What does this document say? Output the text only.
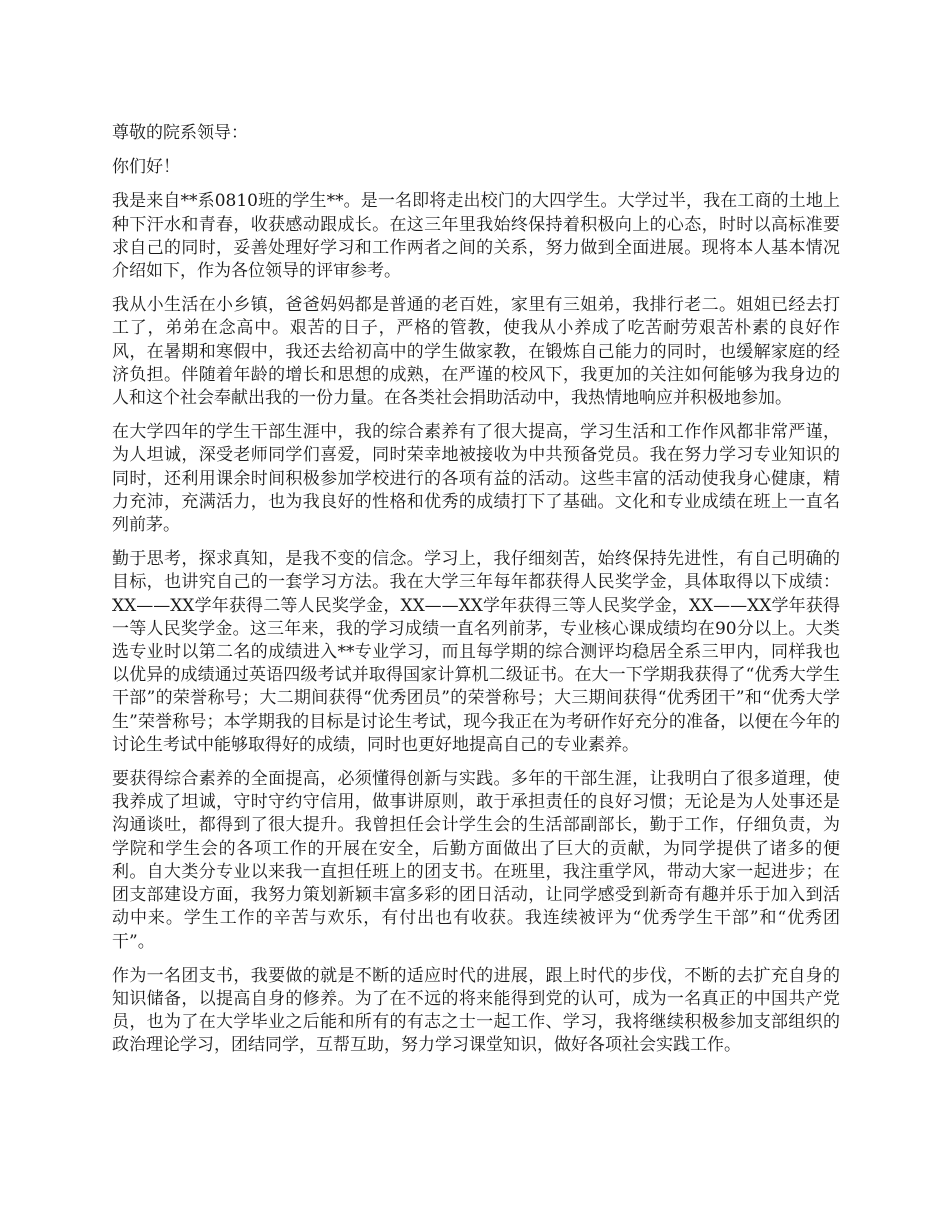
尊敬的院系领导：

你们好！

我是来自**系0810班的学生**。是一名即将走出校门的大四学生。大学过半，我在工商的土地上种下汗水和青春，收获感动跟成长。在这三年里我始终保持着积极向上的心态，时时以高标准要求自己的同时，妥善处理好学习和工作两者之间的关系，努力做到全面进展。现将本人基本情况介绍如下，作为各位领导的评审参考。

我从小生活在小乡镇，爸爸妈妈都是普通的老百姓，家里有三姐弟，我排行老二。姐姐已经去打工了，弟弟在念高中。艰苦的日子，严格的管教，使我从小养成了吃苦耐劳艰苦朴素的良好作风，在暑期和寒假中，我还去给初高中的学生做家教，在锻炼自己能力的同时，也缓解家庭的经济负担。伴随着年龄的增长和思想的成熟，在严谨的校风下，我更加的关注如何能够为我身边的人和这个社会奉献出我的一份力量。在各类社会捐助活动中，我热情地响应并积极地参加。

在大学四年的学生干部生涯中，我的综合素养有了很大提高，学习生活和工作作风都非常严谨，为人坦诚，深受老师同学们喜爱，同时荣幸地被接收为中共预备党员。我在努力学习专业知识的同时，还利用课余时间积极参加学校进行的各项有益的活动。这些丰富的活动使我身心健康，精力充沛，充满活力，也为我良好的性格和优秀的成绩打下了基础。文化和专业成绩在班上一直名列前茅。

勤于思考，探求真知，是我不变的信念。学习上，我仔细刻苦，始终保持先进性，有自己明确的目标，也讲究自己的一套学习方法。我在大学三年每年都获得人民奖学金，具体取得以下成绩：XX——XX学年获得二等人民奖学金，XX——XX学年获得三等人民奖学金，XX——XX学年获得一等人民奖学金。这三年来，我的学习成绩一直名列前茅，专业核心课成绩均在90分以上。大类选专业时以第二名的成绩进入**专业学习，而且每学期的综合测评均稳居全系三甲内，同样我也以优异的成绩通过英语四级考试并取得国家计算机二级证书。在大一下学期我获得了“优秀大学生干部”的荣誉称号；大二期间获得“优秀团员”的荣誉称号；大三期间获得“优秀团干”和“优秀大学生”荣誉称号；本学期我的目标是讨论生考试，现今我正在为考研作好充分的准备，以便在今年的讨论生考试中能够取得好的成绩，同时也更好地提高自己的专业素养。

要获得综合素养的全面提高，必须懂得创新与实践。多年的干部生涯，让我明白了很多道理，使我养成了坦诚，守时守约守信用，做事讲原则，敢于承担责任的良好习惯；无论是为人处事还是沟通谈吐，都得到了很大提升。我曾担任会计学生会的生活部副部长，勤于工作，仔细负责，为学院和学生会的各项工作的开展在安全，后勤方面做出了巨大的贡献，为同学提供了诸多的便利。自大类分专业以来我一直担任班上的团支书。在班里，我注重学风，带动大家一起进步；在团支部建设方面，我努力策划新颖丰富多彩的团日活动，让同学感受到新奇有趣并乐于加入到活动中来。学生工作的辛苦与欢乐，有付出也有收获。我连续被评为“优秀学生干部”和“优秀团干”。

作为一名团支书，我要做的就是不断的适应时代的进展，跟上时代的步伐，不断的去扩充自身的知识储备，以提高自身的修养。为了在不远的将来能得到党的认可，成为一名真正的中国共产党员，也为了在大学毕业之后能和所有的有志之士一起工作、学习，我将继续积极参加支部组织的政治理论学习，团结同学，互帮互助，努力学习课堂知识，做好各项社会实践工作。
